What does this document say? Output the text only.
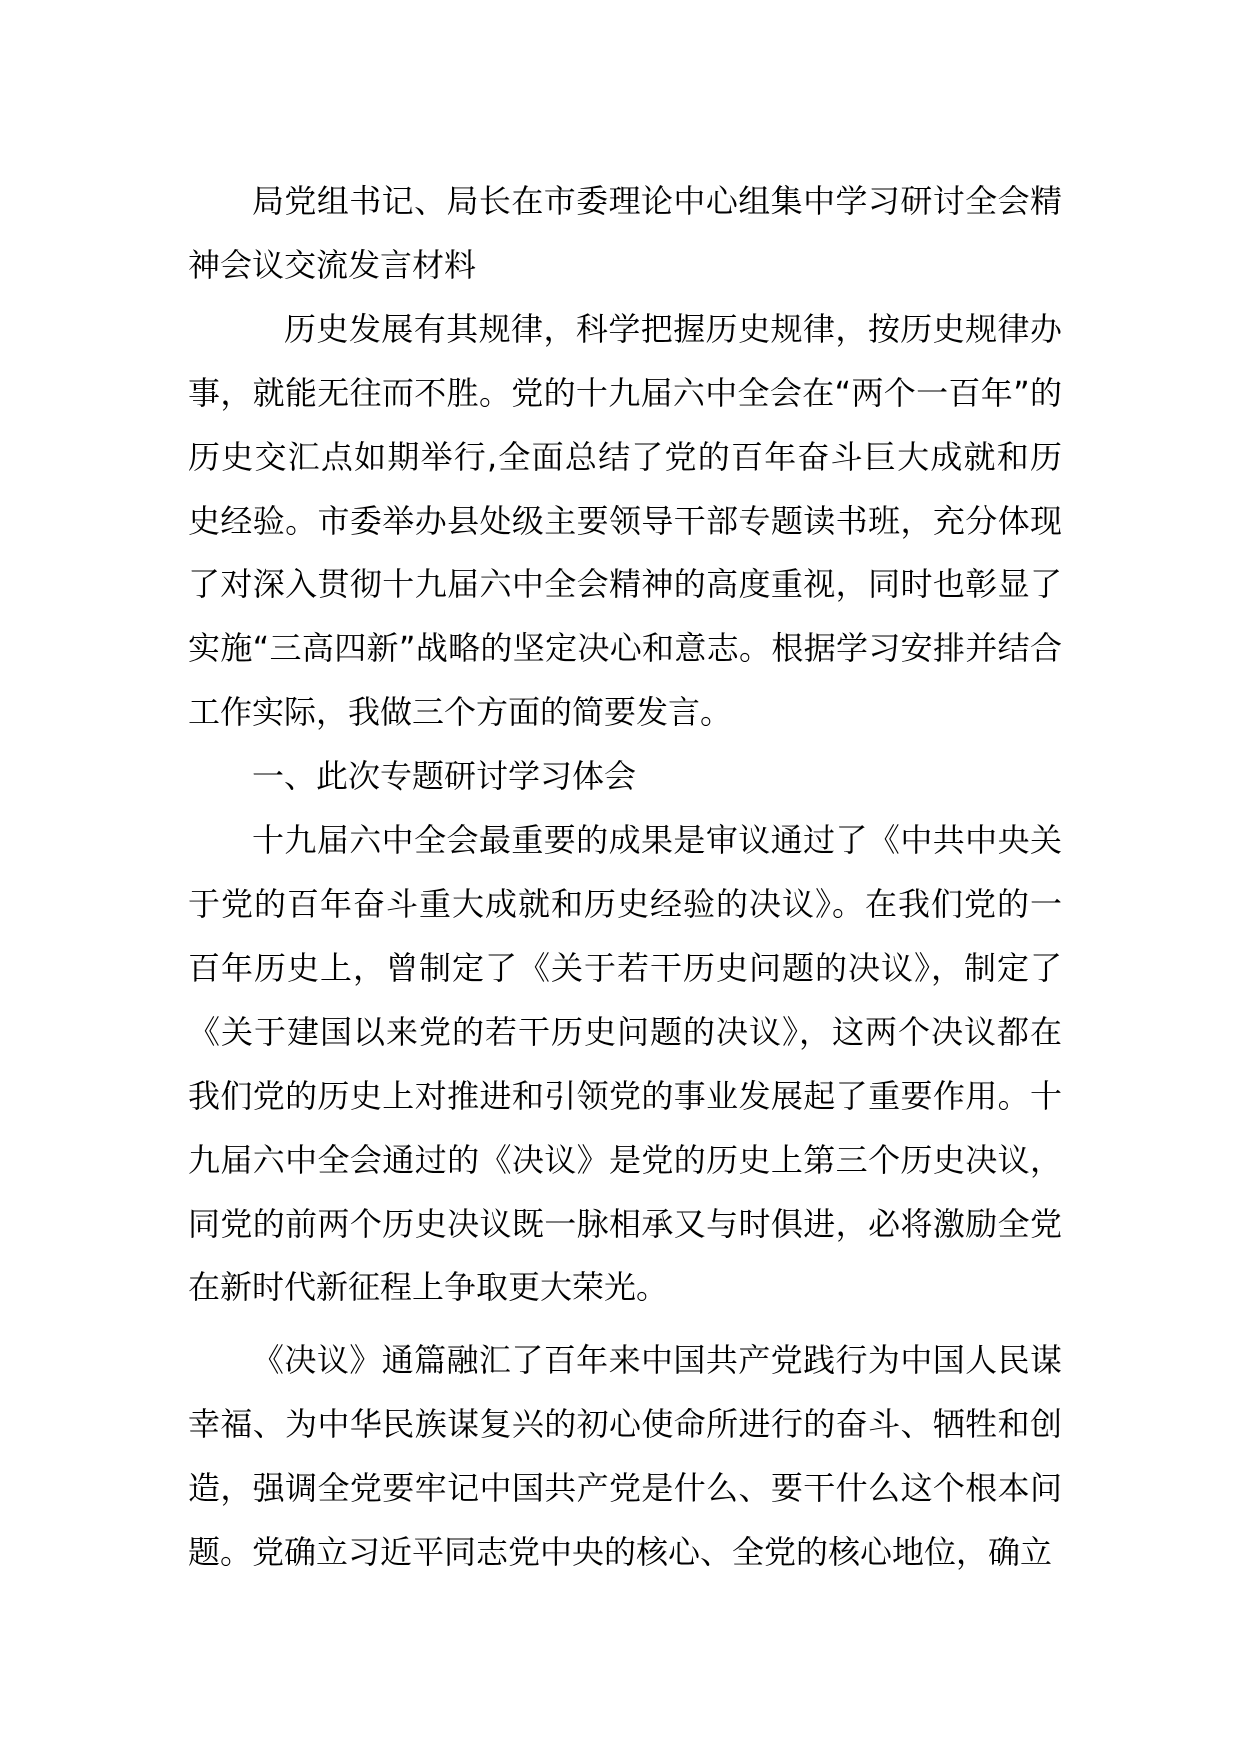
局党组书记、局长在市委理论中心组集中学习研讨全会精神会议交流发言材料

历史发展有其规律，科学把握历史规律，按历史规律办事，就能无往而不胜。党的十九届六中全会在“两个一百年”的历史交汇点如期举行,全面总结了党的百年奋斗巨大成就和历史经验。市委举办县处级主要领导干部专题读书班，充分体现了对深入贯彻十九届六中全会精神的高度重视，同时也彰显了实施“三高四新”战略的坚定决心和意志。根据学习安排并结合工作实际，我做三个方面的简要发言。

一、此次专题研讨学习体会

十九届六中全会最重要的成果是审议通过了《中共中央关于党的百年奋斗重大成就和历史经验的决议》。在我们党的一百年历史上，曾制定了《关于若干历史问题的决议》，制定了《关于建国以来党的若干历史问题的决议》，这两个决议都在我们党的历史上对推进和引领党的事业发展起了重要作用。十九届六中全会通过的《决议》是党的历史上第三个历史决议，同党的前两个历史决议既一脉相承又与时俱进，必将激励全党在新时代新征程上争取更大荣光。

《决议》通篇融汇了百年来中国共产党践行为中国人民谋幸福、为中华民族谋复兴的初心使命所进行的奋斗、牺牲和创造，强调全党要牢记中国共产党是什么、要干什么这个根本问题。党确立习近平同志党中央的核心、全党的核心地位，确立
